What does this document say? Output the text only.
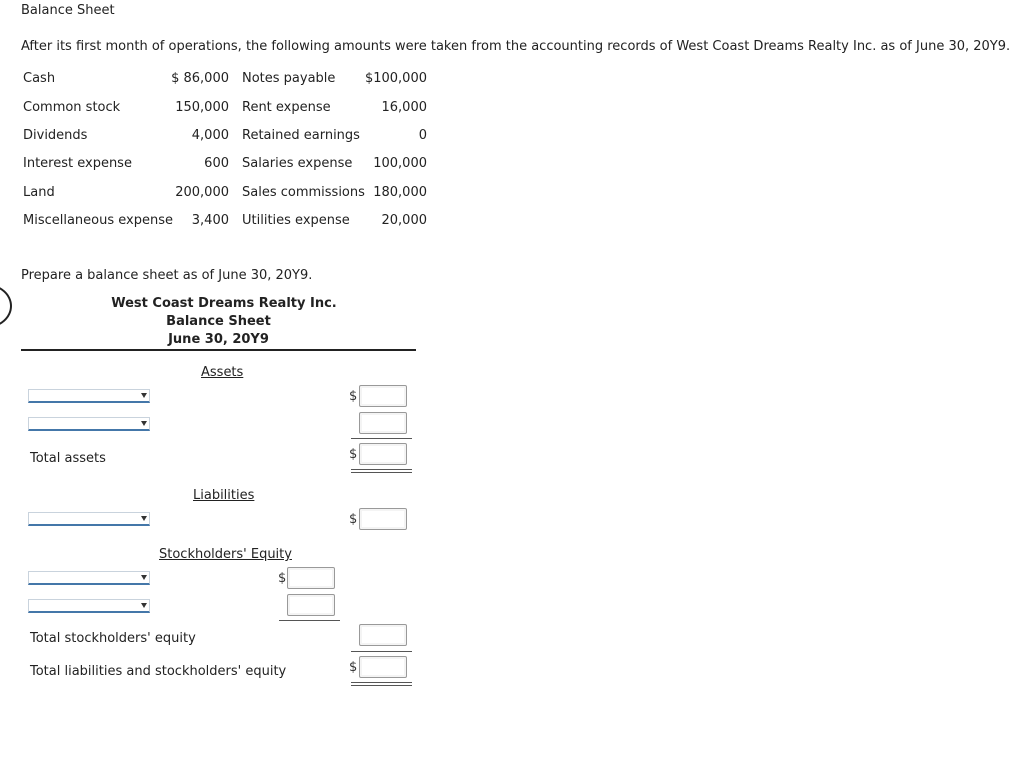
Balance Sheet
After its first month of operations, the following amounts were taken from the accounting records of West Coast Dreams Realty Inc. as of June 30, 20Y9.
Cash	$ 86,000 Notes payable	$100,000
Common stock	150,000 Rent expense	16,000
Dividends	4,000 Retained earnings	0
Interest expense	600 Salaries expense	100,000
Land	200,000 Sales commissions 180,000
Miscellaneous expense	3,400 Utilities expense	20,000
Prepare a balance sheet as of June 30, 20Y9.
West Coast Dreams Realty Inc.
Balance Sheet
June 30, 20Y9
Assets
$
Total assets	$
Liabilities
$
Stockholders' Equity
$
Total stockholders' equity
Total liabilities and stockholders' equity	$
